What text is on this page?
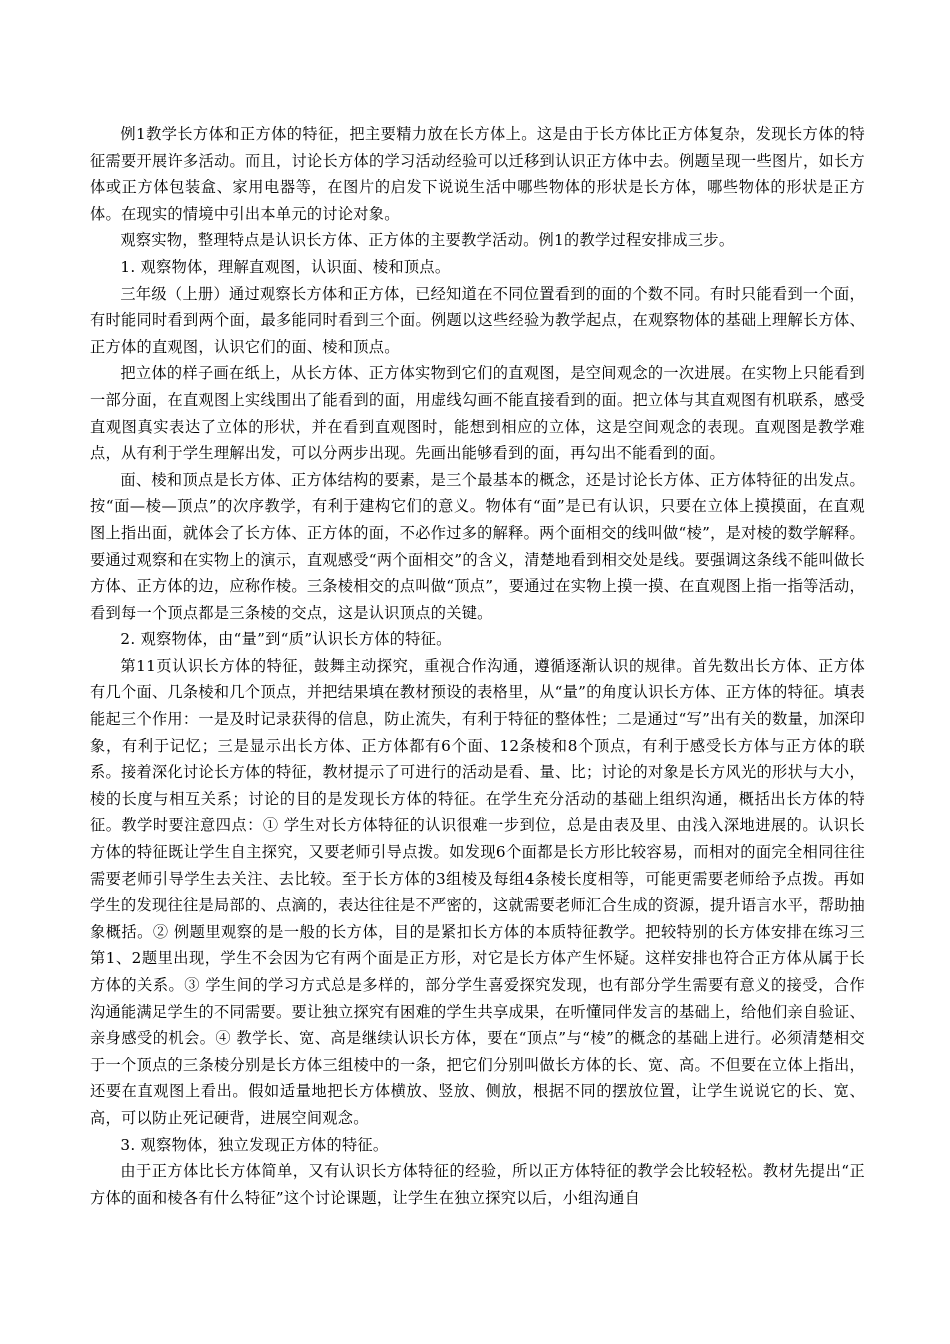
例1教学长方体和正方体的特征，把主要精力放在长方体上。这是由于长方体比正方体复杂，发现长方体的特征需要开展许多活动。而且，讨论长方体的学习活动经验可以迁移到认识正方体中去。例题呈现一些图片，如长方体或正方体包装盒、家用电器等，在图片的启发下说说生活中哪些物体的形状是长方体，哪些物体的形状是正方体。在现实的情境中引出本单元的讨论对象。

观察实物，整理特点是认识长方体、正方体的主要教学活动。例1的教学过程安排成三步。

1. 观察物体，理解直观图，认识面、棱和顶点。

三年级（上册）通过观察长方体和正方体，已经知道在不同位置看到的面的个数不同。有时只能看到一个面，有时能同时看到两个面，最多能同时看到三个面。例题以这些经验为教学起点，在观察物体的基础上理解长方体、正方体的直观图，认识它们的面、棱和顶点。

把立体的样子画在纸上，从长方体、正方体实物到它们的直观图，是空间观念的一次进展。在实物上只能看到一部分面，在直观图上实线围出了能看到的面，用虚线勾画不能直接看到的面。把立体与其直观图有机联系，感受直观图真实表达了立体的形状，并在看到直观图时，能想到相应的立体，这是空间观念的表现。直观图是教学难点，从有利于学生理解出发，可以分两步出现。先画出能够看到的面，再勾出不能看到的面。

面、棱和顶点是长方体、正方体结构的要素，是三个最基本的概念，还是讨论长方体、正方体特征的出发点。按“面—棱—顶点”的次序教学，有利于建构它们的意义。物体有“面”是已有认识，只要在立体上摸摸面，在直观图上指出面，就体会了长方体、正方体的面，不必作过多的解释。两个面相交的线叫做“棱”，是对棱的数学解释。要通过观察和在实物上的演示，直观感受“两个面相交”的含义，清楚地看到相交处是线。要强调这条线不能叫做长方体、正方体的边，应称作棱。三条棱相交的点叫做“顶点”，要通过在实物上摸一摸、在直观图上指一指等活动，看到每一个顶点都是三条棱的交点，这是认识顶点的关键。

2. 观察物体，由“量”到“质”认识长方体的特征。

第11页认识长方体的特征，鼓舞主动探究，重视合作沟通，遵循逐渐认识的规律。首先数出长方体、正方体有几个面、几条棱和几个顶点，并把结果填在教材预设的表格里，从“量”的角度认识长方体、正方体的特征。填表能起三个作用：一是及时记录获得的信息，防止流失，有利于特征的整体性；二是通过“写”出有关的数量，加深印象，有利于记忆；三是显示出长方体、正方体都有6个面、12条棱和8个顶点，有利于感受长方体与正方体的联系。接着深化讨论长方体的特征，教材提示了可进行的活动是看、量、比；讨论的对象是长方风光的形状与大小，棱的长度与相互关系；讨论的目的是发现长方体的特征。在学生充分活动的基础上组织沟通，概括出长方体的特征。教学时要注意四点：① 学生对长方体特征的认识很难一步到位，总是由表及里、由浅入深地进展的。认识长方体的特征既让学生自主探究，又要老师引导点拨。如发现6个面都是长方形比较容易，而相对的面完全相同往往需要老师引导学生去关注、去比较。至于长方体的3组棱及每组4条棱长度相等，可能更需要老师给予点拨。再如学生的发现往往是局部的、点滴的，表达往往是不严密的，这就需要老师汇合生成的资源，提升语言水平，帮助抽象概括。② 例题里观察的是一般的长方体，目的是紧扣长方体的本质特征教学。把较特别的长方体安排在练习三第1、2题里出现，学生不会因为它有两个面是正方形，对它是长方体产生怀疑。这样安排也符合正方体从属于长方体的关系。③ 学生间的学习方式总是多样的，部分学生喜爱探究发现，也有部分学生需要有意义的接受，合作沟通能满足学生的不同需要。要让独立探究有困难的学生共享成果，在听懂同伴发言的基础上，给他们亲自验证、亲身感受的机会。④ 教学长、宽、高是继续认识长方体，要在“顶点”与“棱”的概念的基础上进行。必须清楚相交于一个顶点的三条棱分别是长方体三组棱中的一条，把它们分别叫做长方体的长、宽、高。不但要在立体上指出，还要在直观图上看出。假如适量地把长方体横放、竖放、侧放，根据不同的摆放位置，让学生说说它的长、宽、高，可以防止死记硬背，进展空间观念。

3. 观察物体，独立发现正方体的特征。

由于正方体比长方体简单，又有认识长方体特征的经验，所以正方体特征的教学会比较轻松。教材先提出“正方体的面和棱各有什么特征”这个讨论课题，让学生在独立探究以后，小组沟通自
